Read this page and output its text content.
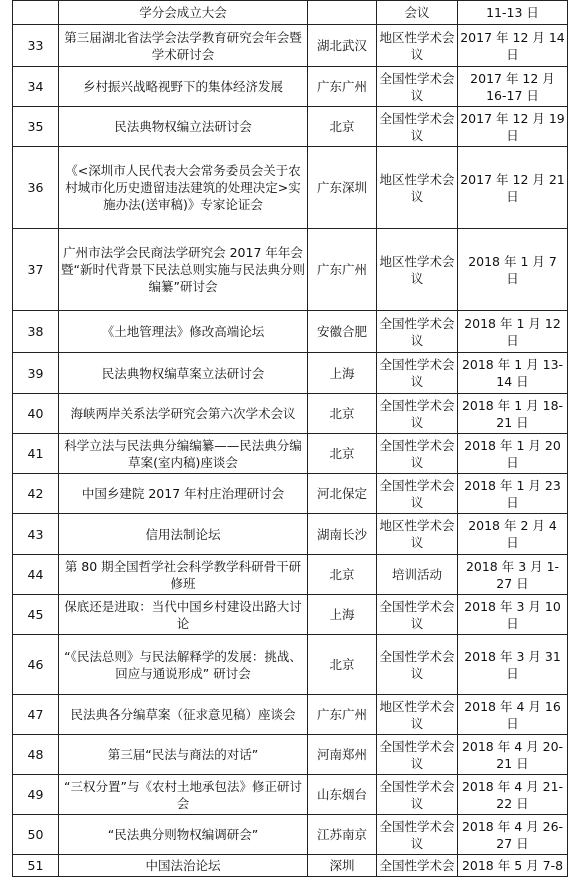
	学分会成立大会		会议	11-13 日
33	第三届湖北省法学会法学教育研究会年会暨学术研讨会	湖北武汉	地区性学术会议	2017 年 12 月 14 日
34	乡村振兴战略视野下的集体经济发展	广东广州	全国性学术会议	2017 年 12 月 16-17 日
35	民法典物权编立法研讨会	北京	全国性学术会议	2017 年 12 月 19 日
36	《<深圳市人民代表大会常务委员会关于农村城市化历史遗留违法建筑的处理决定>实施办法(送审稿)》专家论证会	广东深圳	地区性学术会议	2017 年 12 月 21 日
37	广州市法学会民商法学研究会 2017 年年会暨“新时代背景下民法总则实施与民法典分则编纂”研讨会	广东广州	地区性学术会议	2018 年 1 月 7 日
38	《土地管理法》修改高端论坛	安徽合肥	全国性学术会议	2018 年 1 月 12 日
39	民法典物权编草案立法研讨会	上海	全国性学术会议	2018 年 1 月 13-14 日
40	海峡两岸关系法学研究会第六次学术会议	北京	全国性学术会议	2018 年 1 月 18-21 日
41	科学立法与民法典分编编纂——民法典分编草案(室内稿)座谈会	北京	全国性学术会议	2018 年 1 月 20 日
42	中国乡建院 2017 年村庄治理研讨会	河北保定	全国性学术会议	2018 年 1 月 23 日
43	信用法制论坛	湖南长沙	地区性学术会议	2018 年 2 月 4 日
44	第 80 期全国哲学社会科学教学科研骨干研修班	北京	培训活动	2018 年 3 月 1-27 日
45	保底还是进取：当代中国乡村建设出路大讨论	上海	全国性学术会议	2018 年 3 月 10 日
46	“《民法总则》与民法解释学的发展：挑战、回应与通说形成” 研讨会	北京	全国性学术会议	2018 年 3 月 31 日
47	民法典各分编草案（征求意见稿）座谈会	广东广州	地区性学术会议	2018 年 4 月 16 日
48	第三届“民法与商法的对话”	河南郑州	全国性学术会议	2018 年 4 月 20-21 日
49	“三权分置”与《农村土地承包法》修正研讨会	山东烟台	全国性学术会议	2018 年 4 月 21-22 日
50	“民法典分则物权编调研会”	江苏南京	全国性学术会议	2018 年 4 月 26-27 日
51	中国法治论坛	深圳	全国性学术会	2018 年 5 月 7-8
